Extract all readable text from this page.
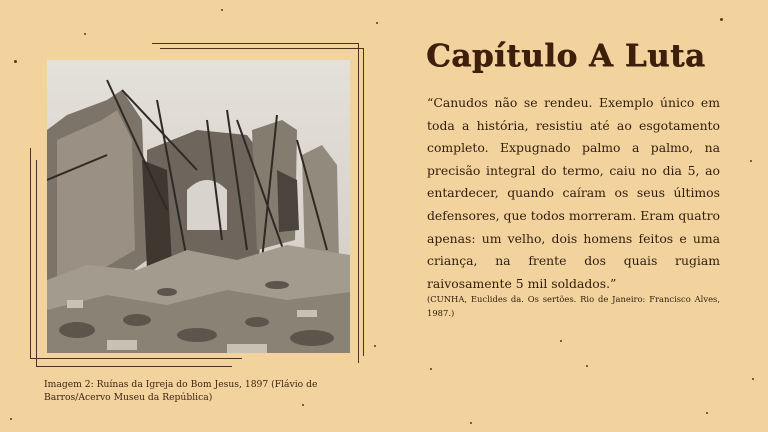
Imagem 2: Ruínas da Igreja do Bom Jesus, 1897 (Flávio de Barros/Acervo Museu da República)
Capítulo A Luta
“Canudos não se rendeu. Exemplo único em toda a história, resistiu até ao esgotamento completo. Expugnado palmo a palmo, na precisão integral do termo, caiu no dia 5, ao entardecer, quando caíram os seus últimos defensores, que todos morreram. Eram quatro apenas: um velho, dois homens feitos e uma criança, na frente dos quais rugiam raivosamente 5 mil soldados.”
(CUNHA, Euclides da. Os sertões. Rio de Janeiro: Francisco Alves, 1987.)
